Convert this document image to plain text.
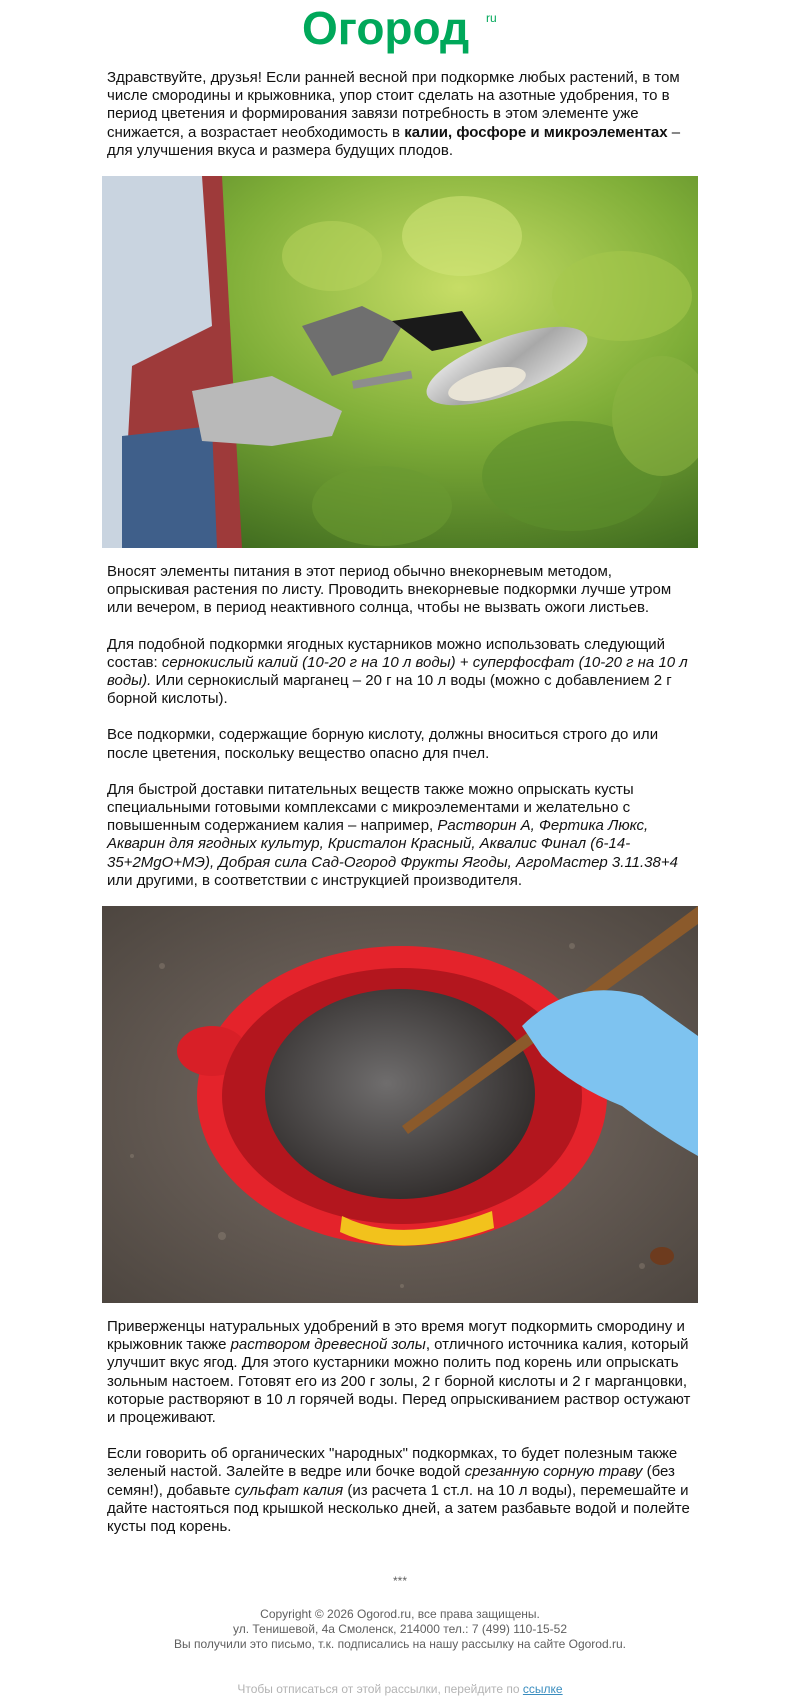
Огород ru

Здравствуйте, друзья! Если ранней весной при подкормке любых растений, в том числе смородины и крыжовника, упор стоит сделать на азотные удобрения, то в период цветения и формирования завязи потребность в этом элементе уже снижается, а возрастает необходимость в калии, фосфоре и микроэлементах – для улучшения вкуса и размера будущих плодов.

Вносят элементы питания в этот период обычно внекорневым методом, опрыскивая растения по листу. Проводить внекорневые подкормки лучше утром или вечером, в период неактивного солнца, чтобы не вызвать ожоги листьев.

Для подобной подкормки ягодных кустарников можно использовать следующий состав: сернокислый калий (10-20 г на 10 л воды) + суперфосфат (10-20 г на 10 л воды). Или сернокислый марганец – 20 г на 10 л воды (можно с добавлением 2 г борной кислоты).

Все подкормки, содержащие борную кислоту, должны вноситься строго до или после цветения, поскольку вещество опасно для пчел.

Для быстрой доставки питательных веществ также можно опрыскать кусты специальными готовыми комплексами с микроэлементами и желательно с повышенным содержанием калия – например, Растворин А, Фертика Люкс, Акварин для ягодных культур, Кристалон Красный, Аквалис Финал (6-14-35+2MgO+МЭ), Добрая сила Сад-Огород Фрукты Ягоды, АгроМастер 3.11.38+4 или другими, в соответствии с инструкцией производителя.

Приверженцы натуральных удобрений в это время могут подкормить смородину и крыжовник также раствором древесной золы, отличного источника калия, который улучшит вкус ягод. Для этого кустарники можно полить под корень или опрыскать зольным настоем. Готовят его из 200 г золы, 2 г борной кислоты и 2 г марганцовки, которые растворяют в 10 л горячей воды. Перед опрыскиванием раствор остужают и процеживают.

Если говорить об органических "народных" подкормках, то будет полезным также зеленый настой. Залейте в ведре или бочке водой срезанную сорную траву (без семян!), добавьте сульфат калия (из расчета 1 ст.л. на 10 л воды), перемешайте и дайте настояться под крышкой несколько дней, а затем разбавьте водой и полейте кусты под корень.

***
Copyright © 2026 Ogorod.ru, все права защищены.
ул. Тенишевой, 4а Смоленск, 214000 тел.: 7 (499) 110-15-52
Вы получили это письмо, т.к. подписались на нашу рассылку на сайте Ogorod.ru.
Чтобы отписаться от этой рассылки, перейдите по ссылке
